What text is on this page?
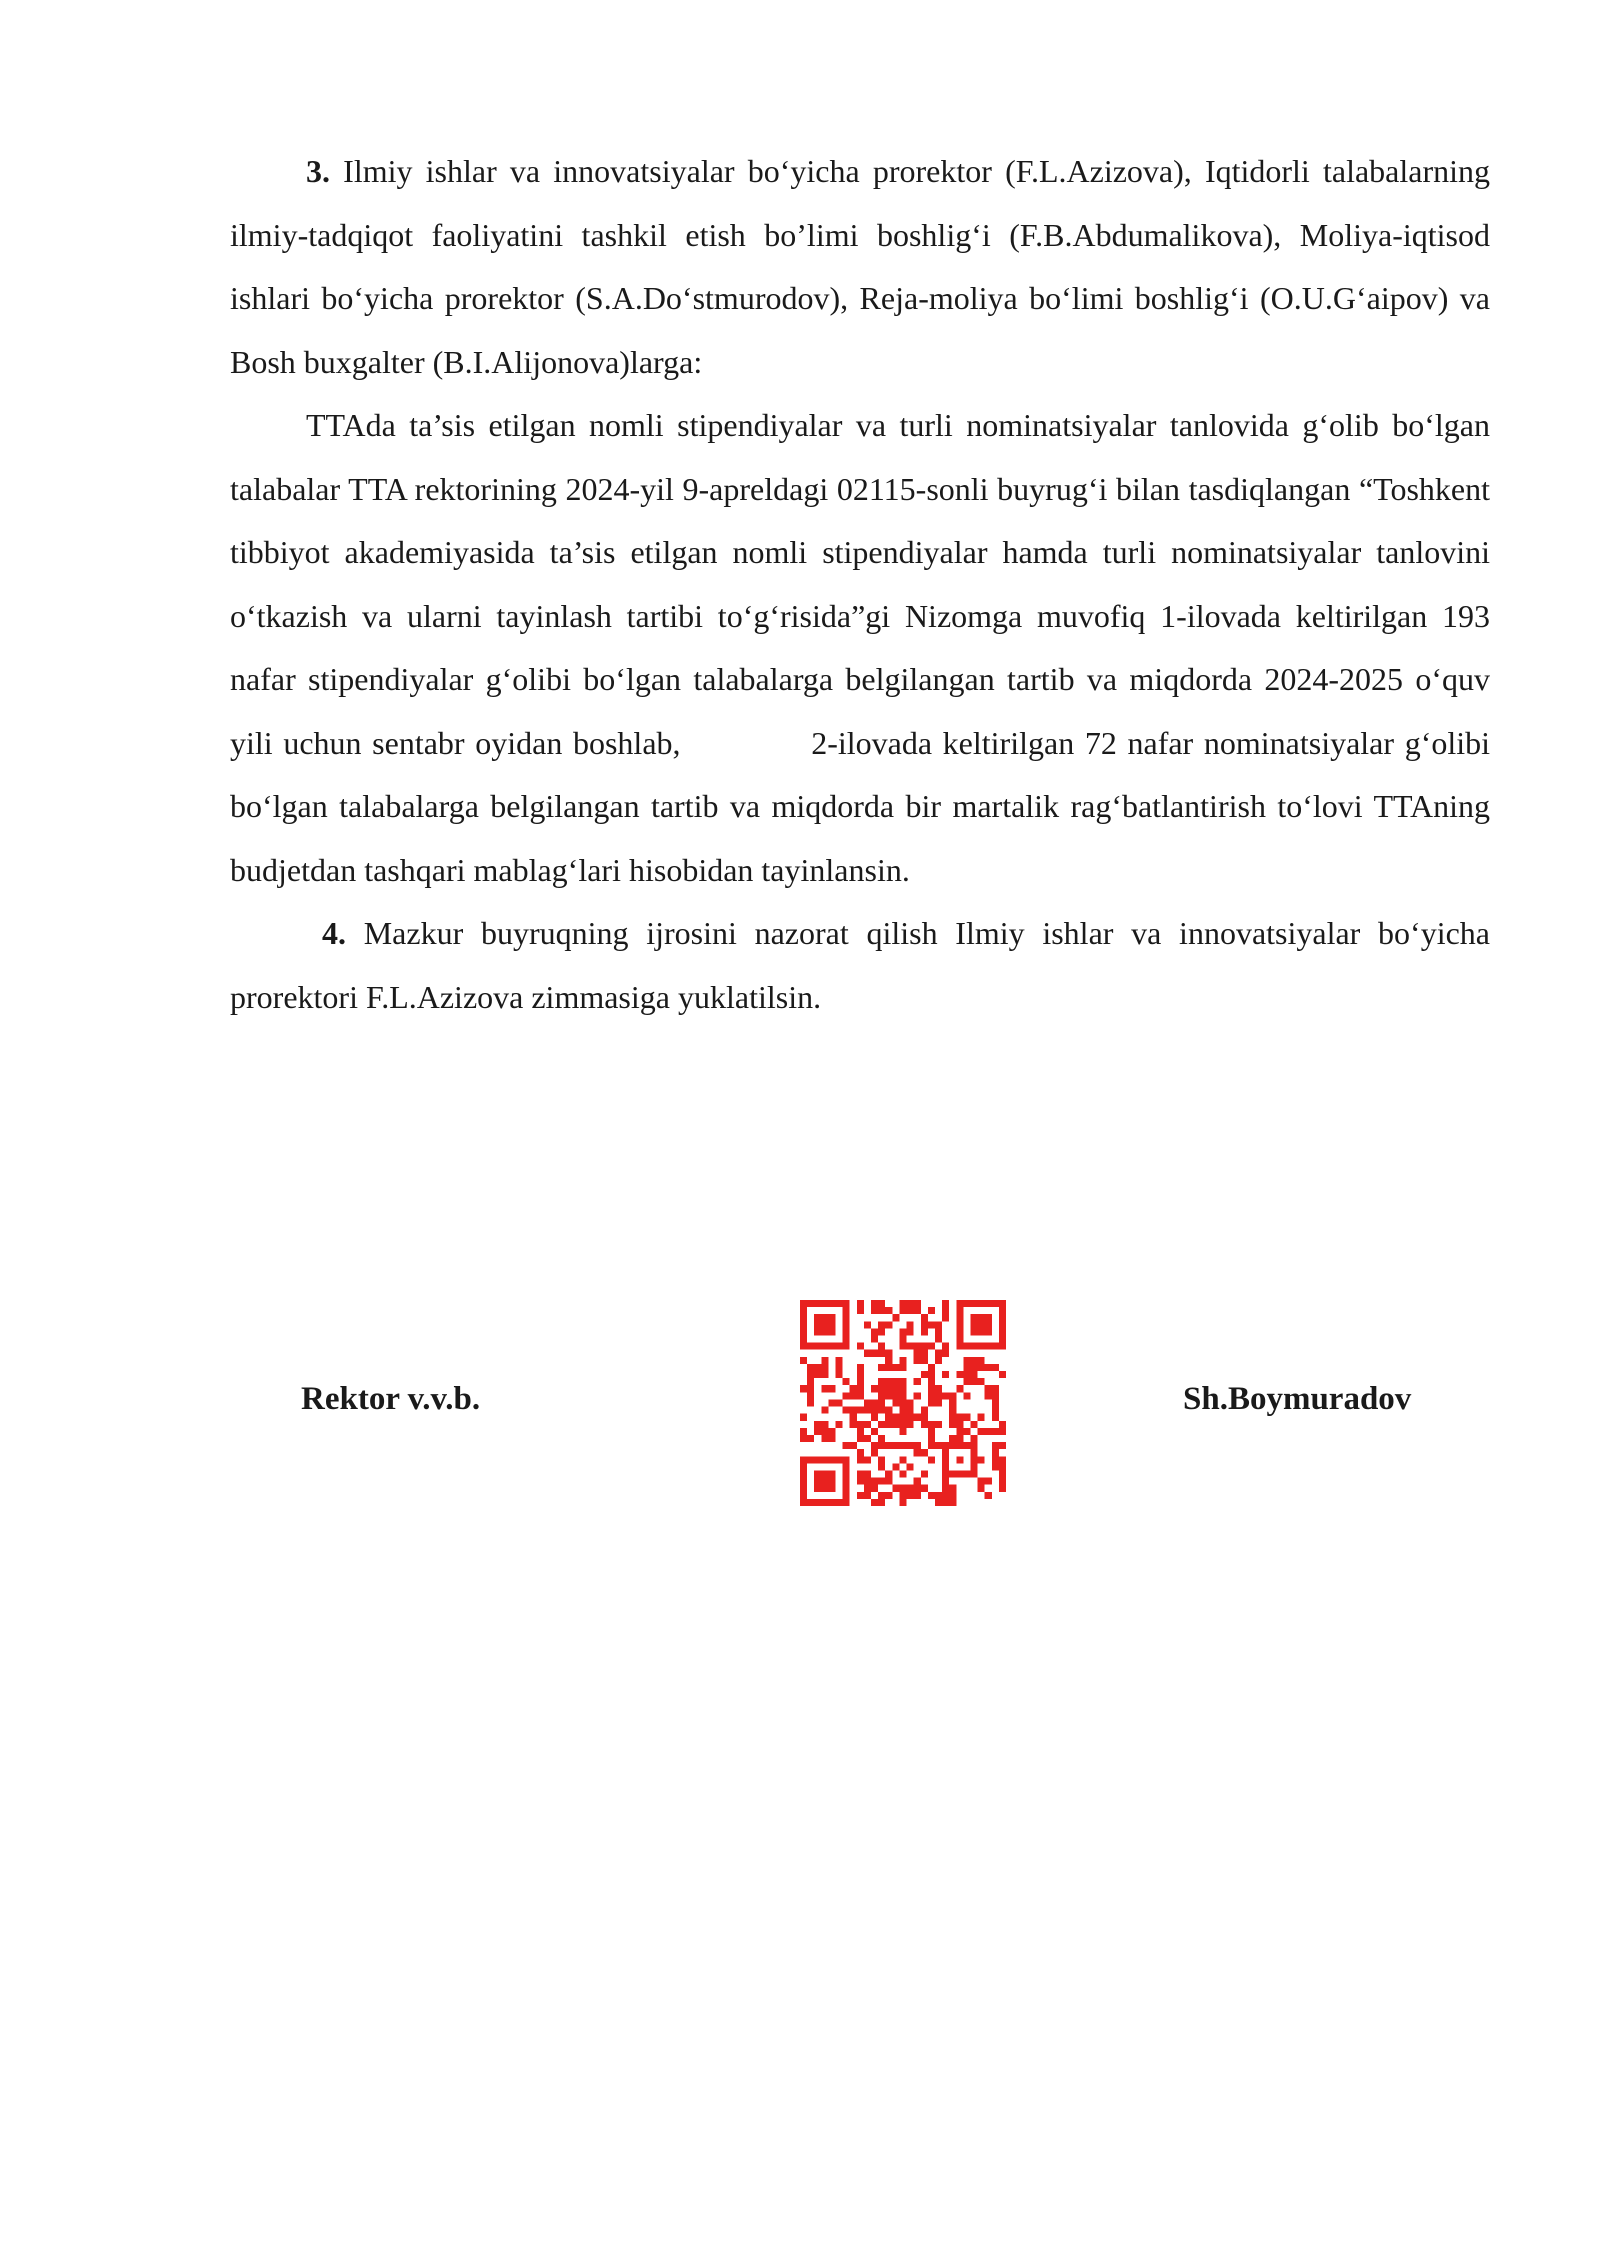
3. Ilmiy ishlar va innovatsiyalar bo‘yicha prorektor (F.L.Azizova), Iqtidorli talabalarning ilmiy-tadqiqot faoliyatini tashkil etish bo’limi boshlig‘i (F.B.Abdumalikova), Moliya-iqtisod ishlari bo‘yicha prorektor (S.A.Do‘stmurodov), Reja-moliya bo‘limi boshlig‘i (O.U.G‘aipov) va Bosh buxgalter (B.I.Alijonova)larga:

TTAda ta’sis etilgan nomli stipendiyalar va turli nominatsiyalar tanlovida g‘olib bo‘lgan talabalar TTA rektorining 2024-yil 9-apreldagi 02115-sonli buyrug‘i bilan tasdiqlangan “Toshkent tibbiyot akademiyasida ta’sis etilgan nomli stipendiyalar hamda turli nominatsiyalar tanlovini o‘tkazish va ularni tayinlash tartibi to‘g‘risida”gi Nizomga muvofiq 1-ilovada keltirilgan 193 nafar stipendiyalar g‘olibi bo‘lgan talabalarga belgilangan tartib va miqdorda 2024-2025 o‘quv yili uchun sentabr oyidan boshlab,	2-ilovada keltirilgan 72 nafar nominatsiyalar g‘olibi bo‘lgan talabalarga belgilangan tartib va miqdorda bir martalik rag‘batlantirish to‘lovi TTAning budjetdan tashqari mablag‘lari hisobidan tayinlansin.

4. Mazkur buyruqning ijrosini nazorat qilish Ilmiy ishlar va innovatsiyalar bo‘yicha prorektori F.L.Azizova zimmasiga yuklatilsin.

Rektor v.v.b.	Sh.Boymuradov
